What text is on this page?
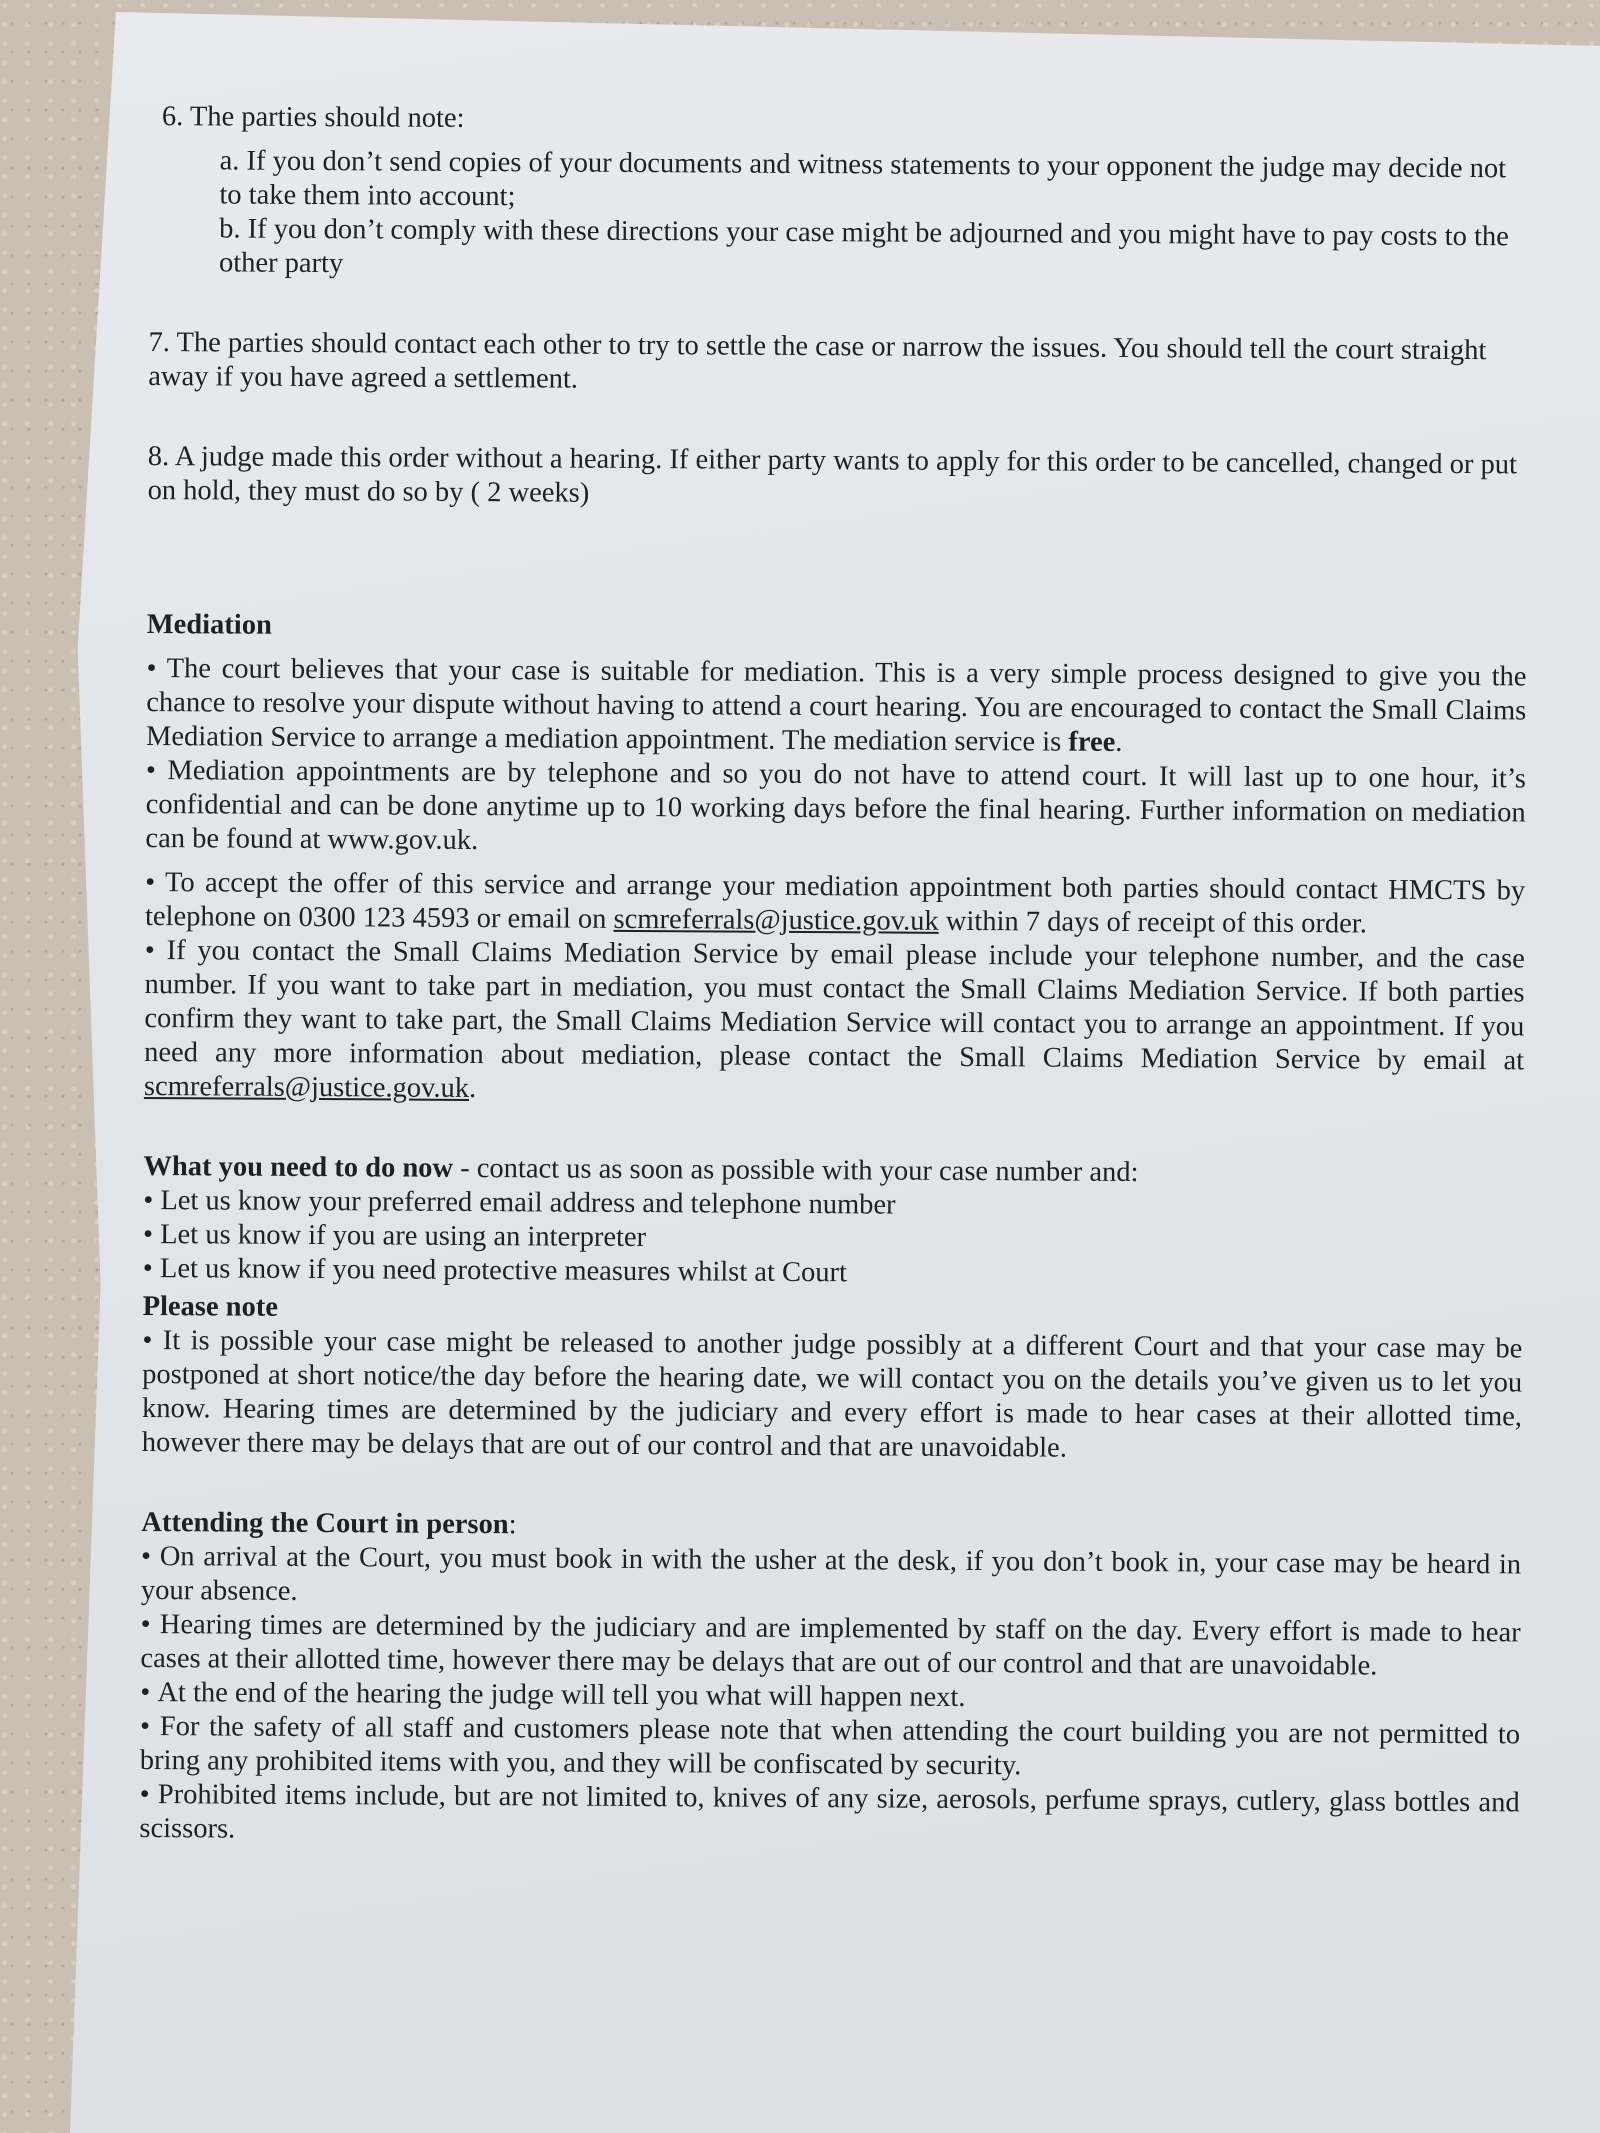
6. The parties should note:

a. If you don’t send copies of your documents and witness statements to your opponent the judge may decide not to take them into account;

b. If you don’t comply with these directions your case might be adjourned and you might have to pay costs to the other party

7. The parties should contact each other to try to settle the case or narrow the issues. You should tell the court straight away if you have agreed a settlement.

8. A judge made this order without a hearing. If either party wants to apply for this order to be cancelled, changed or put on hold, they must do so by ( 2 weeks)

Mediation

• The court believes that your case is suitable for mediation. This is a very simple process designed to give you the chance to resolve your dispute without having to attend a court hearing. You are encouraged to contact the Small Claims Mediation Service to arrange a mediation appointment. The mediation service is free.

• Mediation appointments are by telephone and so you do not have to attend court. It will last up to one hour, it’s confidential and can be done anytime up to 10 working days before the final hearing. Further information on mediation can be found at www.gov.uk.

• To accept the offer of this service and arrange your mediation appointment both parties should contact HMCTS by telephone on 0300 123 4593 or email on scmreferrals@justice.gov.uk within 7 days of receipt of this order.

• If you contact the Small Claims Mediation Service by email please include your telephone number, and the case number. If you want to take part in mediation, you must contact the Small Claims Mediation Service. If both parties confirm they want to take part, the Small Claims Mediation Service will contact you to arrange an appointment. If you need any more information about mediation, please contact the Small Claims Mediation Service by email at scmreferrals@justice.gov.uk.

What you need to do now - contact us as soon as possible with your case number and:

• Let us know your preferred email address and telephone number

• Let us know if you are using an interpreter

• Let us know if you need protective measures whilst at Court

Please note

• It is possible your case might be released to another judge possibly at a different Court and that your case may be postponed at short notice/the day before the hearing date, we will contact you on the details you’ve given us to let you know. Hearing times are determined by the judiciary and every effort is made to hear cases at their allotted time, however there may be delays that are out of our control and that are unavoidable.

Attending the Court in person:

• On arrival at the Court, you must book in with the usher at the desk, if you don’t book in, your case may be heard in your absence.

• Hearing times are determined by the judiciary and are implemented by staff on the day. Every effort is made to hear cases at their allotted time, however there may be delays that are out of our control and that are unavoidable.

• At the end of the hearing the judge will tell you what will happen next.

• For the safety of all staff and customers please note that when attending the court building you are not permitted to bring any prohibited items with you, and they will be confiscated by security.

• Prohibited items include, but are not limited to, knives of any size, aerosols, perfume sprays, cutlery, glass bottles and scissors.
